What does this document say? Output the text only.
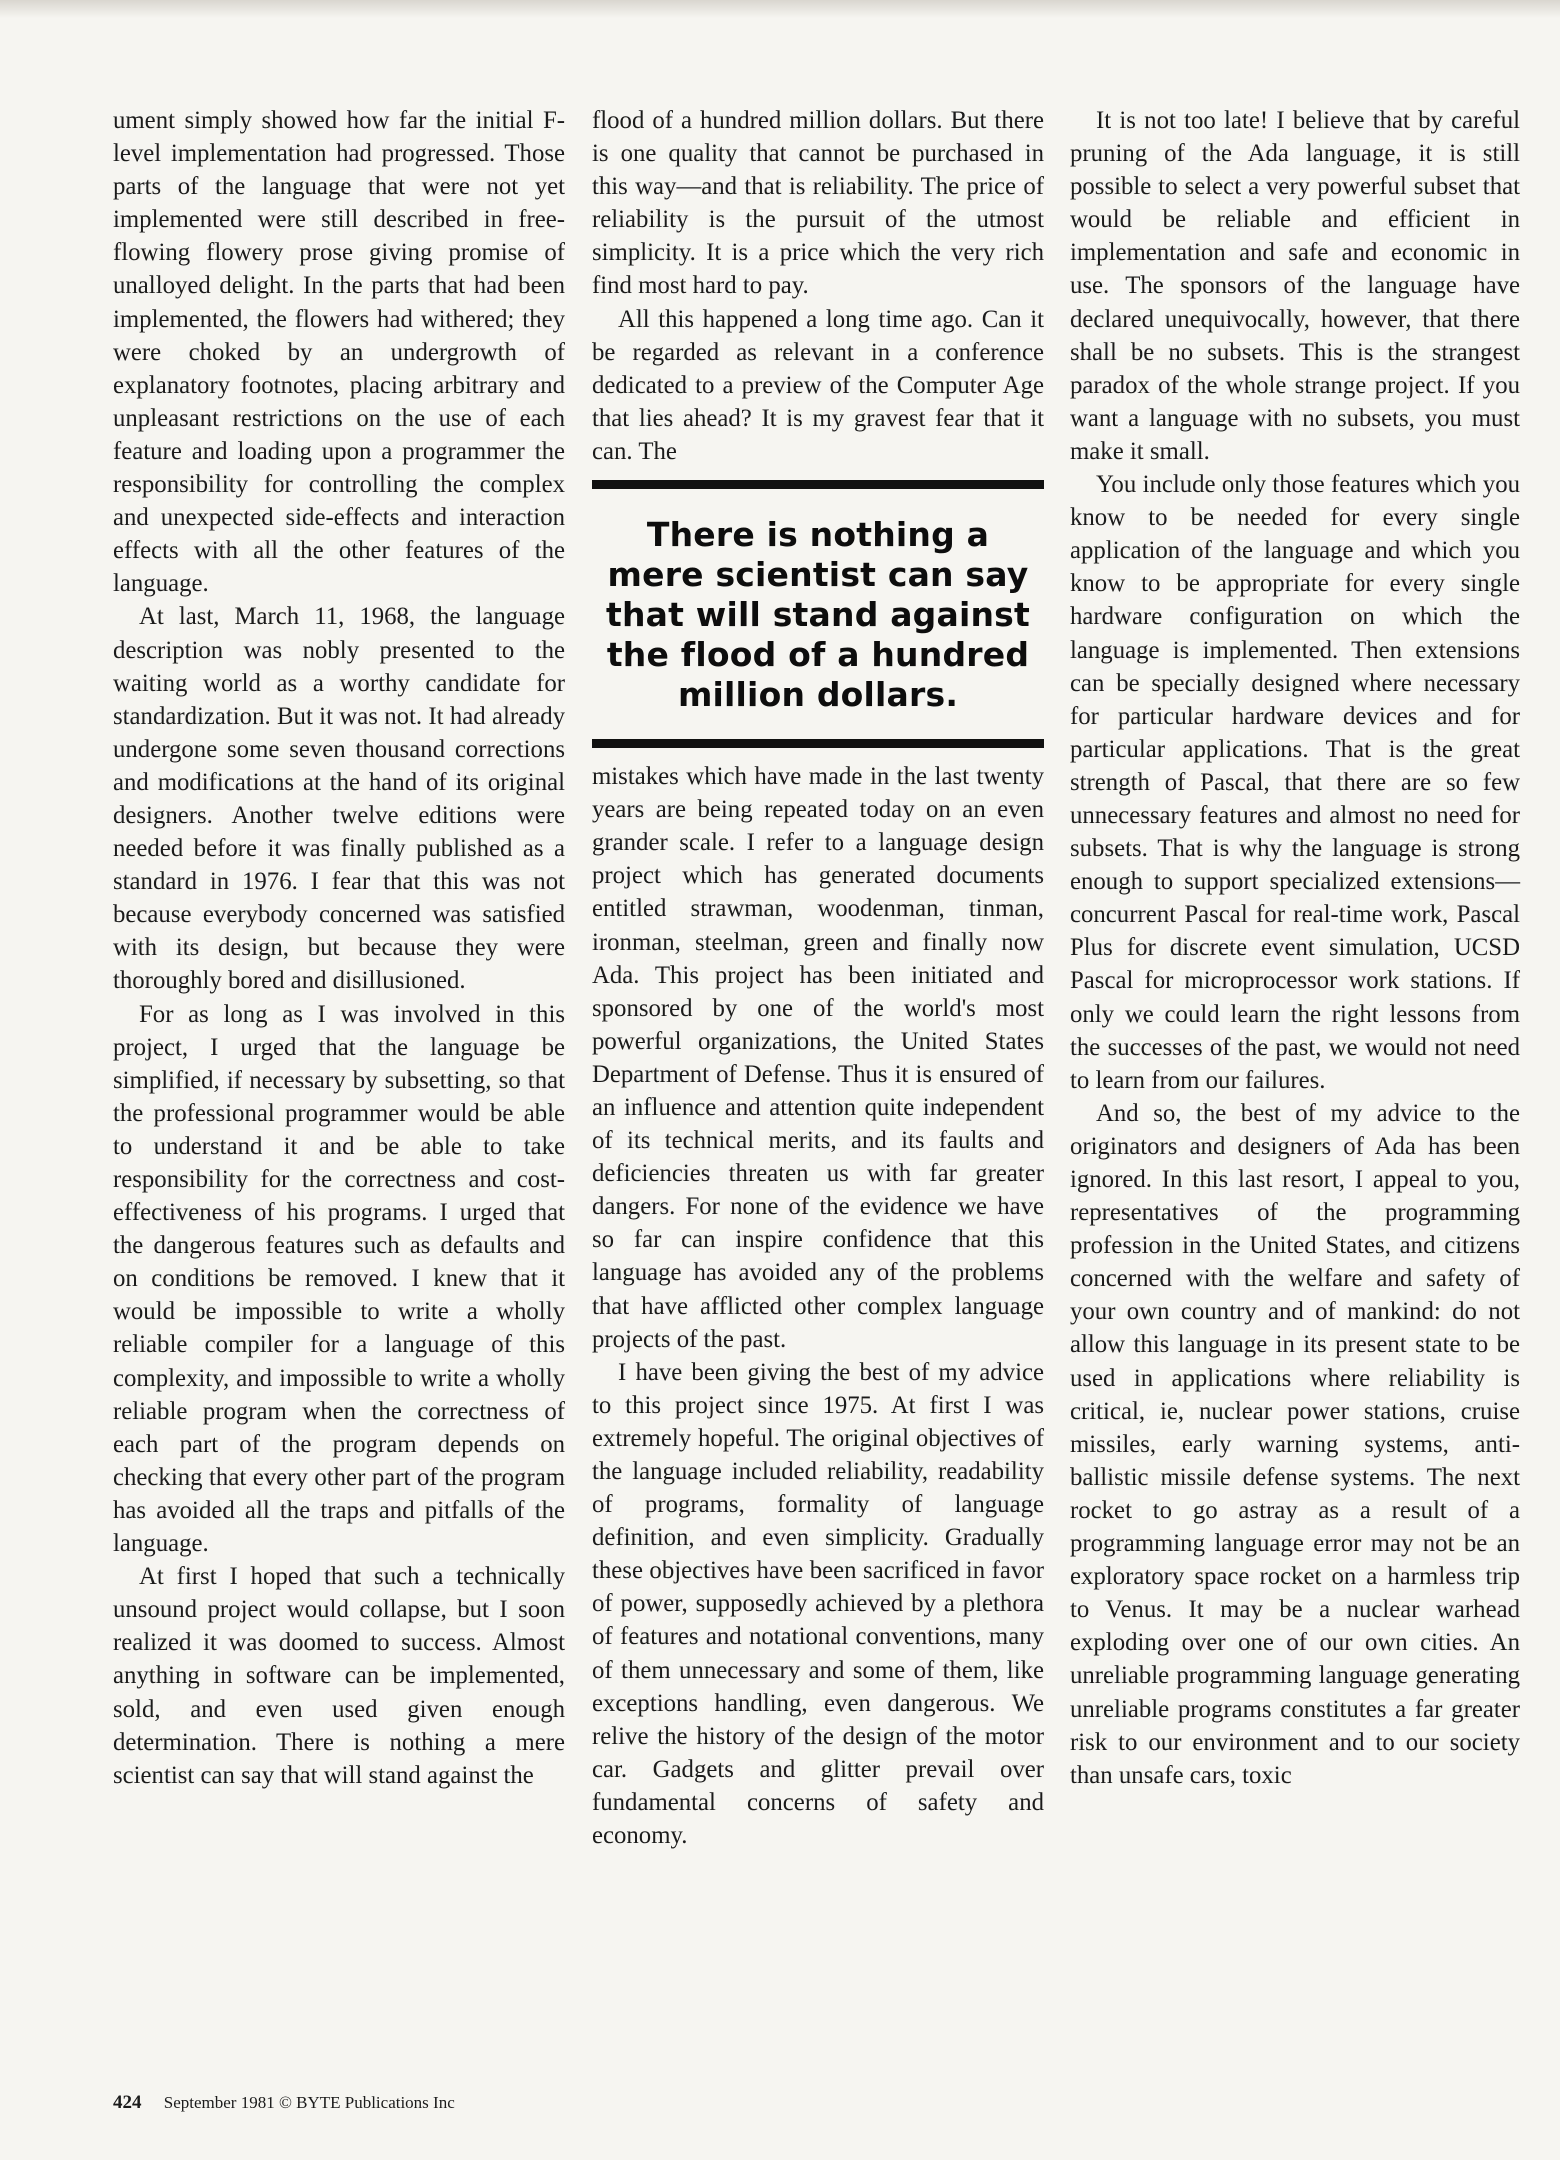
ument simply showed how far the initial F-level implementation had progressed. Those parts of the language that were not yet implemented were still described in free-flowing flowery prose giving promise of unalloyed delight. In the parts that had been implemented, the flowers had withered; they were choked by an undergrowth of explanatory footnotes, placing arbitrary and unpleasant restrictions on the use of each feature and loading upon a programmer the responsibility for controlling the complex and unexpected side-effects and interaction effects with all the other features of the language.

At last, March 11, 1968, the language description was nobly presented to the waiting world as a worthy candidate for standardization. But it was not. It had already undergone some seven thousand corrections and modifications at the hand of its original designers. Another twelve editions were needed before it was finally published as a standard in 1976. I fear that this was not because everybody concerned was satisfied with its design, but because they were thoroughly bored and disillusioned.

For as long as I was involved in this project, I urged that the language be simplified, if necessary by subsetting, so that the professional programmer would be able to understand it and be able to take responsibility for the correctness and cost-effectiveness of his programs. I urged that the dangerous features such as defaults and on conditions be removed. I knew that it would be impossible to write a wholly reliable compiler for a language of this complexity, and impossible to write a wholly reliable program when the correctness of each part of the program depends on checking that every other part of the program has avoided all the traps and pitfalls of the language.

At first I hoped that such a technically unsound project would collapse, but I soon realized it was doomed to success. Almost anything in software can be implemented, sold, and even used given enough determination. There is nothing a mere scientist can say that will stand against the

flood of a hundred million dollars. But there is one quality that cannot be purchased in this way—and that is reliability. The price of reliability is the pursuit of the utmost simplicity. It is a price which the very rich find most hard to pay.

All this happened a long time ago. Can it be regarded as relevant in a conference dedicated to a preview of the Computer Age that lies ahead? It is my gravest fear that it can. The

There is nothing a mere scientist can say that will stand against the flood of a hundred million dollars.

mistakes which have made in the last twenty years are being repeated today on an even grander scale. I refer to a language design project which has generated documents entitled strawman, woodenman, tinman, ironman, steelman, green and finally now Ada. This project has been initiated and sponsored by one of the world's most powerful organizations, the United States Department of Defense. Thus it is ensured of an influence and attention quite independent of its technical merits, and its faults and deficiencies threaten us with far greater dangers. For none of the evidence we have so far can inspire confidence that this language has avoided any of the problems that have afflicted other complex language projects of the past.

I have been giving the best of my advice to this project since 1975. At first I was extremely hopeful. The original objectives of the language included reliability, readability of programs, formality of language definition, and even simplicity. Gradually these objectives have been sacrificed in favor of power, supposedly achieved by a plethora of features and notational conventions, many of them unnecessary and some of them, like exceptions handling, even dangerous. We relive the history of the design of the motor car. Gadgets and glitter prevail over fundamental concerns of safety and economy.

It is not too late! I believe that by careful pruning of the Ada language, it is still possible to select a very powerful subset that would be reliable and efficient in implementation and safe and economic in use. The sponsors of the language have declared unequivocally, however, that there shall be no subsets. This is the strangest paradox of the whole strange project. If you want a language with no subsets, you must make it small.

You include only those features which you know to be needed for every single application of the language and which you know to be appropriate for every single hardware configuration on which the language is implemented. Then extensions can be specially designed where necessary for particular hardware devices and for particular applications. That is the great strength of Pascal, that there are so few unnecessary features and almost no need for subsets. That is why the language is strong enough to support specialized extensions—concurrent Pascal for real-time work, Pascal Plus for discrete event simulation, UCSD Pascal for microprocessor work stations. If only we could learn the right lessons from the successes of the past, we would not need to learn from our failures.

And so, the best of my advice to the originators and designers of Ada has been ignored. In this last resort, I appeal to you, representatives of the programming profession in the United States, and citizens concerned with the welfare and safety of your own country and of mankind: do not allow this language in its present state to be used in applications where reliability is critical, ie, nuclear power stations, cruise missiles, early warning systems, anti-ballistic missile defense systems. The next rocket to go astray as a result of a programming language error may not be an exploratory space rocket on a harmless trip to Venus. It may be a nuclear warhead exploding over one of our own cities. An unreliable programming language generating unreliable programs constitutes a far greater risk to our environment and to our society than unsafe cars, toxic

424 September 1981 © BYTE Publications Inc
